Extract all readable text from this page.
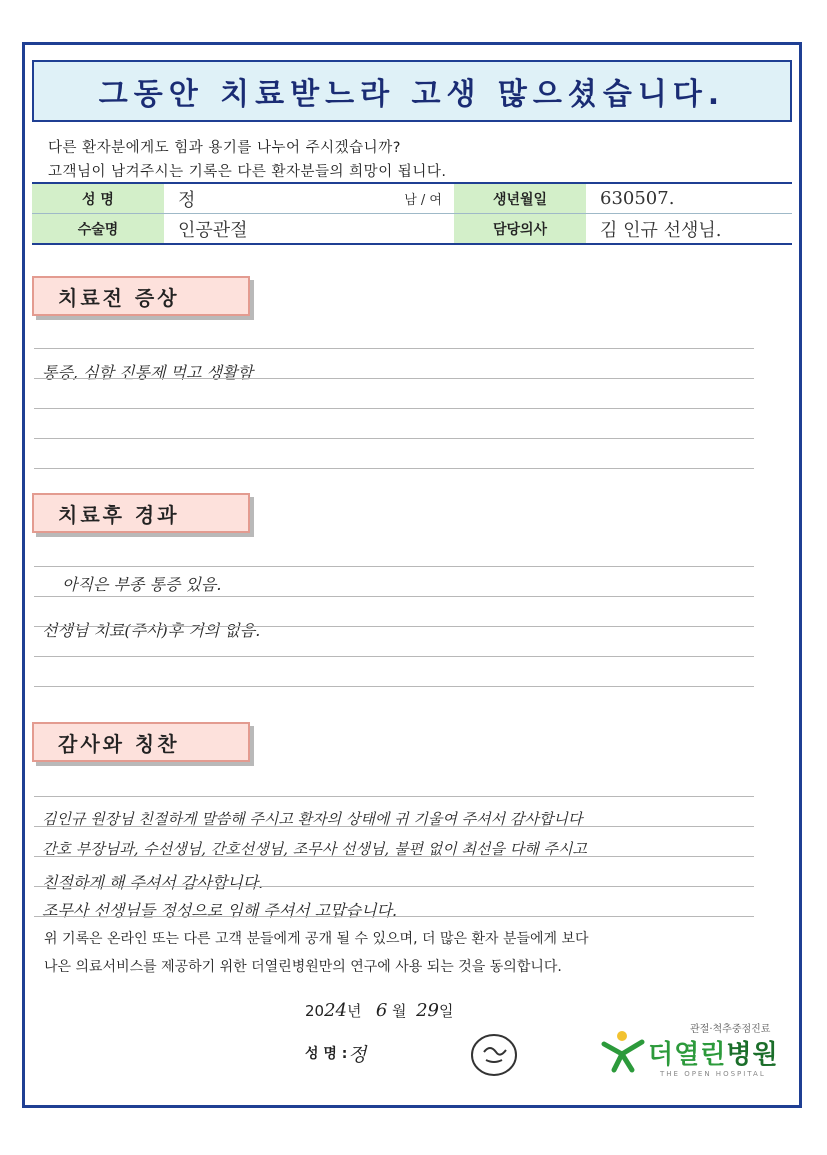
그동안 치료받느라 고생 많으셨습니다.
다른 환자분에게도 힘과 용기를 나누어 주시겠습니까?
고객님이 남겨주시는 기록은 다른 환자분들의 희망이 됩니다.
성 명	정	남 / 여	생년월일	630507.
수술명	인공관절	담당의사	김 인규 선생님.
치료전 증상
통증, 심함 진통제 먹고 생활함
치료후 경과
아직은 부종 통증 있음.
선생님 치료(주사)후 거의 없음.
감사와 칭찬
김인규 원장님 친절하게 말씀해 주시고 환자의 상태에 귀 기울여 주셔서 감사합니다
간호 부장님과, 수선생님, 간호선생님, 조무사 선생님, 불편 없이 최선을 다해 주시고
친절하게 해 주셔서 감사합니다.
조무사 선생님들 정성으로 임해 주셔서 고맙습니다.
위 기록은 온라인 또는 다른 고객 분들에게 공개 될 수 있으며, 더 많은 환자 분들에게 보다
나은 의료서비스를 제공하기 위한 더열린병원만의 연구에 사용 되는 것을 동의합니다.
2024년 6 월 29일
성 명 : 정
관절·척추중점진료
더열린병원
THE OPEN HOSPITAL
